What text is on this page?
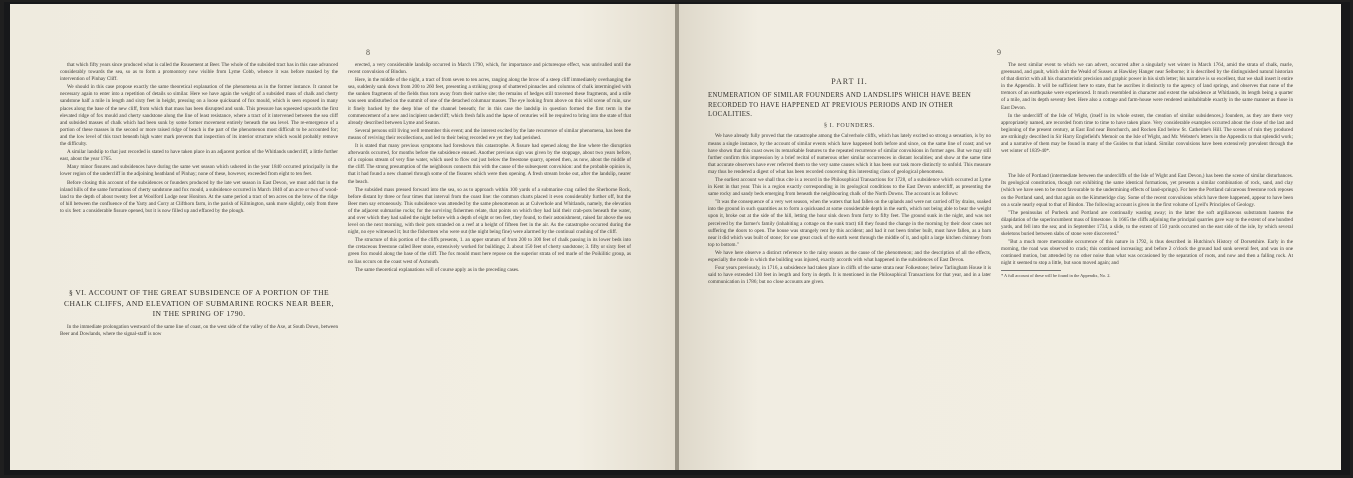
8

that which fifty years since produced what is called the Rousement at Beer. The whole of the subsided tract has in this case advanced considerably towards the sea, so as to form a promontory now visible from Lyme Cobb, whence it was before masked by the intervention of Pinhay Cliff.

We should in this case propose exactly the same theoretical explanation of the phenomena as in the former instance. It cannot be necessary again to enter into a repetition of details so similar. Here we have again the weight of a subsided mass of chalk and cherty sandstone half a mile in length and sixty feet in height, pressing on a loose quicksand of fox mould, which is seen exposed in many places along the base of the new cliff, from which that mass has been disrupted and sunk. This pressure has squeezed upwards the first elevated ridge of fox mould and cherty sandstone along the line of least resistance, where a tract of it intervened between the sea cliff and subsided masses of chalk which had been sunk by some former movement entirely beneath the sea level. The re-emergence of a portion of these masses in the second or more raised ridge of beach is the part of the phenomenon most difficult to be accounted for; and the low level of this tract beneath high water mark prevents that inspection of its interior structure which would probably remove the difficulty.

A similar landslip to that just recorded is stated to have taken place in an adjacent portion of the Whitlands undercliff, a little further east, about the year 1765.

Many minor fissures and subsidences have during the same wet season which ushered in the year 1840 occurred principally in the lower region of the undercliff in the adjoining heathland of Pinhay; none of these, however, exceeded from eight to ten feet.

Before closing this account of the subsidences or founders produced by the late wet season in East Devon, we must add that in the inland hills of the same formations of cherty sandstone and fox mould, a subsidence occurred in March 1840 of an acre or two of wood-land to the depth of about twenty feet at Woolford Lodge near Honiton. At the same period a tract of ten acres on the brow of the ridge of hill between the confluence of the Yarty and Corry at Clifthorn farm, in the parish of Kilmington, sank more slightly, only from three to six feet: a considerable fissure opened, but it is now filled up and effaced by the plough.

§ VI. ACCOUNT OF THE GREAT SUBSIDENCE OF A PORTION OF THE CHALK CLIFFS, AND ELEVATION OF SUBMARINE ROCKS NEAR BEER, IN THE SPRING OF 1790.

In the immediate prolongation westward of the same line of coast, on the west side of the valley of the Axe, at South Down, between Beer and Dowlands, where the signal-staff is now

erected, a very considerable landslip occurred in March 1790, which, for importance and picturesque effect, was unrivalled until the recent convulsion of Bindon.

Here, in the middle of the night, a tract of from seven to ten acres, ranging along the brow of a steep cliff immediately overhanging the sea, suddenly sank down from 200 to 260 feet, presenting a striking group of shattered pinnacles and columns of chalk intermingled with the sunken fragments of the fields thus torn away from their native site; the remains of hedges still traversed these fragments, and a stile was seen undisturbed on the summit of one of the detached columnar masses. The eye looking from above on this wild scene of ruin, saw it finely backed by the deep blue of the channel beneath; for in this case the landslip in question formed the first term in the commencement of a new and incipient undercliff; which fresh falls and the lapse of centuries will be required to bring into the state of that already described between Lyme and Seaton.

Several persons still living well remember this event; and the interest excited by the late recurrence of similar phenomena, has been the means of reviving their recollections, and led to their being recorded ere yet they had perished.

It is stated that many previous symptoms had foreshown this catastrophe. A fissure had opened along the line where the disruption afterwards occurred, for months before the subsidence ensued. Another previous sign was given by the stoppage, about two years before, of a copious stream of very fine water, which used to flow out just below the freestone quarry, opened then, as now, about the middle of the cliff. The strong presumption of the neighbours connects this with the cause of the subsequent convulsion: and the probable opinion is, that it had found a new channel through some of the fissures which were then opening. A fresh stream broke out, after the landslip, nearer the beach.

The subsided mass pressed forward into the sea, so as to approach within 100 yards of a submarine crag called the Sherborne Rock, before distant by three or four times that interval from the coast line: the common charts placed it even considerably further off, but the Beer men say erroneously. This subsidence was attended by the same phenomenon as at Culverhole and Whitlands, namely, the elevation of the adjacent submarine rocks; for the surviving fishermen relate, that points on which they had laid their crab-pots beneath the water, and over which they had sailed the night before with a depth of eight or ten feet, they found, to their astonishment, raised far above the sea level on the next morning, with their pots stranded on a reef at a height of fifteen feet in the air. As the catastrophe occurred during the night, no eye witnessed it; but the fishermen who were out (the night being fine) were alarmed by the continual crashing of the cliff.

The structure of this portion of the cliffs presents, 1. an upper stratum of from 200 to 300 feet of chalk passing in its lower beds into the cretaceous freestone called Beer stone, extensively worked for buildings; 2. about 150 feet of cherty sandstone; 3. fifty or sixty feet of green fox mould along the base of the cliff. The fox mould must here repose on the superior strata of red marle of the Poikilitic group, as no lias occurs on the coast west of Axmouth.

The same theoretical explanations will of course apply as in the preceding cases.

9
PART II.
ENUMERATION OF SIMILAR FOUNDERS AND LANDSLIPS WHICH HAVE BEEN RECORDED TO HAVE HAPPENED AT PREVIOUS PERIODS AND IN OTHER LOCALITIES.
§ I. FOUNDERS.

We have already fully proved that the catastrophe among the Culverhole cliffs, which has lately excited so strong a sensation, is by no means a single instance, by the account of similar events which have happened both before and since, on the same line of coast; and we have shown that this coast owes its remarkable features to the repeated recurrence of similar convulsions in former ages. But we may still further confirm this impression by a brief recital of numerous other similar occurrences in distant localities; and show at the same time that accurate observers have ever referred them to the very same causes which it has been our task more distinctly to unfold. This measure may thus be rendered a digest of what has been recorded concerning this interesting class of geological phenomena.

The earliest account we shall thus cite is a record in the Philosophical Transactions for 1728, of a subsidence which occurred at Lyme in Kent in that year. This is a region exactly corresponding in its geological conditions to the East Devon undercliff, as presenting the same rocky and sandy beds emerging from beneath the neighbouring chalk of the North Downs. The account is as follows:

"It was the consequence of a very wet season, when the waters that had fallen on the uplands and were not carried off by drains, soaked into the ground in such quantities as to form a quicksand at some considerable depth in the earth, which not being able to bear the weight upon it, broke out at the side of the hill, letting the hour sink down from forty to fifty feet. The ground sunk in the night, and was not perceived by the farmer's family (inhabiting a cottage on the sunk tract) till they found the change in the morning by their door cases not suffering the doors to open. The house was strangely rent by this accident; and had it not been timber built, must have fallen, as a barn near it did which was built of stone; for one great crack of the earth went through the middle of it, and split a large kitchen chimney from top to bottom."

We have here observe a distinct reference to the rainy season as the cause of the phenomenon; and the description of all the effects, especially the mode in which the building was injured, exactly accords with what happened in the subsidences of East Devon.

Four years previously, in 1716, a subsidence had taken place in cliffs of the same strata near Folkestone; below Tarlingham House it is said to have extended 130 feet in length and forty in depth. It is mentioned in the Philosophical Transactions for that year, and in a later communication in 1786; but no close accounts are given.

The next similar event to which we can advert, occurred after a singularly wet winter in March 1764, amid the strata of chalk, marle, greensand, and gault, which skirt the Weald of Sussex at Hawkley Hanger near Selborne; it is described by the distinguished natural historian of that district with all his characteristic precision and graphic power in his sixth letter; his narrative is so excellent, that we shall insert it entire in the Appendix. It will be sufficient here to state, that he ascribes it distinctly to the agency of land springs, and observes that none of the tremors of an earthquake were experienced. It much resembled in character and extent the subsidence at Whitlands, its length being a quarter of a mile, and its depth seventy feet. Here also a cottage and farm-house were rendered uninhabitable exactly in the same manner as those in East Devon.

In the undercliff of the Isle of Wight, (itself in its whole extent, the creation of similar subsidences,) founders, as they are there very appropriately named, are recorded from time to time to have taken place. Very considerable examples occurred about the close of the last and beginning of the present century, at East End near Bonchurch, and Rocken End below St. Catherine's Hill. The scenes of ruin they produced are strikingly described in Sir Harry Englefield's Memoir on the Isle of Wight, and Mr. Webster's letters in the Appendix to that splendid work; and a narrative of them may be found in many of the Guides to that island. Similar convulsions have been extensively prevalent through the wet winter of 1839-40*.

The Isle of Portland (intermediate between the undercliffs of the Isle of Wight and East Devon,) has been the scene of similar disturbances. Its geological constitution, though not exhibiting the same identical formations, yet presents a similar combination of rock, sand, and clay (which we have seen to be most favourable to the undermining effects of land-springs). For here the Portland calcareous freestone rock reposes on the Portland sand, and that again on the Kimmeridge clay. Some of the recent convulsions which have there happened, appear to have been on a scale nearly equal to that of Bindon. The following account is given in the first volume of Lyell's Principles of Geology.

"The peninsulas of Purbeck and Portland are continually wasting away; in the latter the soft argillaceous substratum hastens the dilapidation of the superincumbent mass of limestone. In 1665 the cliffs adjoining the principal quarries gave way to the extent of one hundred yards, and fell into the sea; and in September 1734, a slide, to the extent of 150 yards occurred on the east side of the isle, by which several skeletons buried between slabs of stone were discovered."

"But a much more memorable occurrence of this nature in 1792, is thus described in Hutchins's History of Dorsetshire. Early in the morning, the road was observed to crack; this continued increasing; and before 2 o'clock the ground had sunk several feet, and was in one continued motion, but attended by no other noise than what was occasioned by the separation of roots, and now and then a falling rock. At night it seemed to stop a little, but soon moved again; and

* A full account of these will be found in the Appendix, No. 2.
